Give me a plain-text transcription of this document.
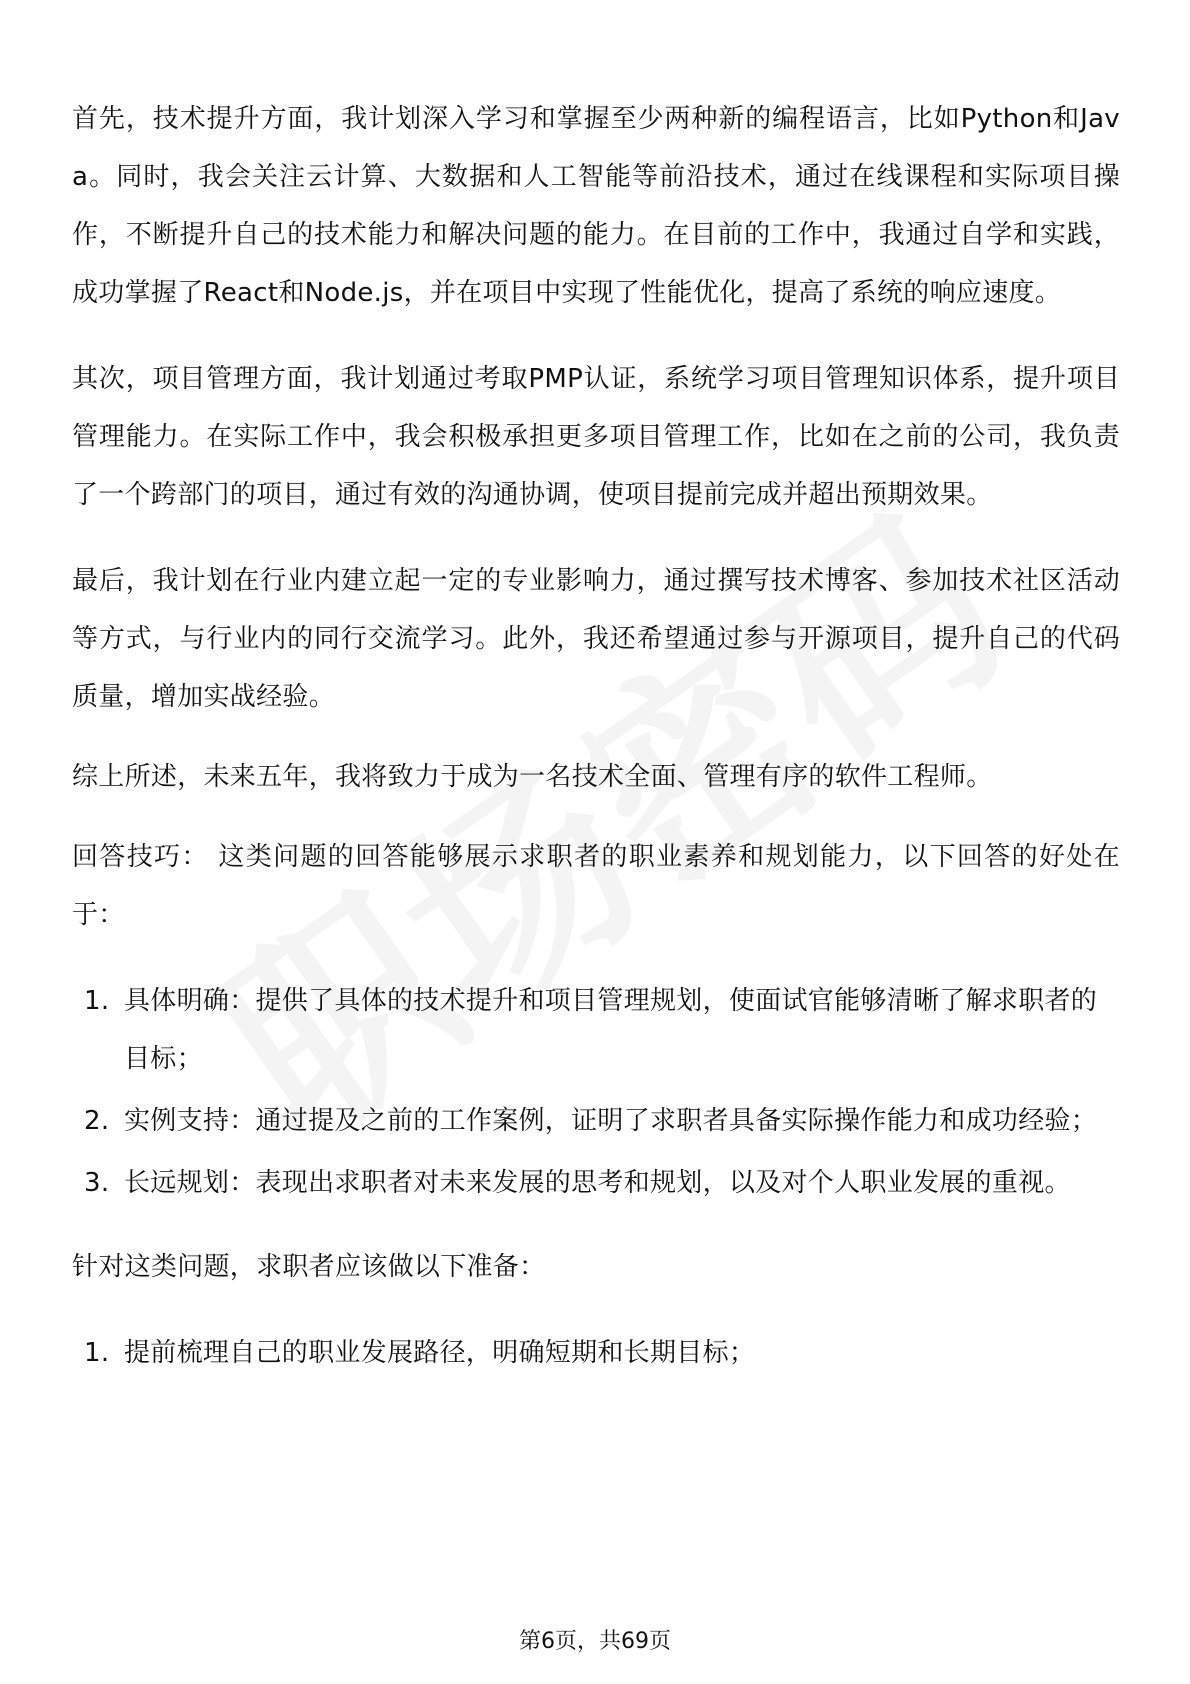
首先，技术提升方面，我计划深入学习和掌握至少两种新的编程语言，比如Python和Java。同时，我会关注云计算、大数据和人工智能等前沿技术，通过在线课程和实际项目操作，不断提升自己的技术能力和解决问题的能力。在目前的工作中，我通过自学和实践，成功掌握了React和Node.js，并在项目中实现了性能优化，提高了系统的响应速度。

其次，项目管理方面，我计划通过考取PMP认证，系统学习项目管理知识体系，提升项目管理能力。在实际工作中，我会积极承担更多项目管理工作，比如在之前的公司，我负责了一个跨部门的项目，通过有效的沟通协调，使项目提前完成并超出预期效果。

最后，我计划在行业内建立起一定的专业影响力，通过撰写技术博客、参加技术社区活动等方式，与行业内的同行交流学习。此外，我还希望通过参与开源项目，提升自己的代码质量，增加实战经验。

综上所述，未来五年，我将致力于成为一名技术全面、管理有序的软件工程师。

回答技巧： 这类问题的回答能够展示求职者的职业素养和规划能力，以下回答的好处在于：

1. 具体明确：提供了具体的技术提升和项目管理规划，使面试官能够清晰了解求职者的目标；
2. 实例支持：通过提及之前的工作案例，证明了求职者具备实际操作能力和成功经验；
3. 长远规划：表现出求职者对未来发展的思考和规划，以及对个人职业发展的重视。

针对这类问题，求职者应该做以下准备：

1. 提前梳理自己的职业发展路径，明确短期和长期目标；
第6页，共69页
